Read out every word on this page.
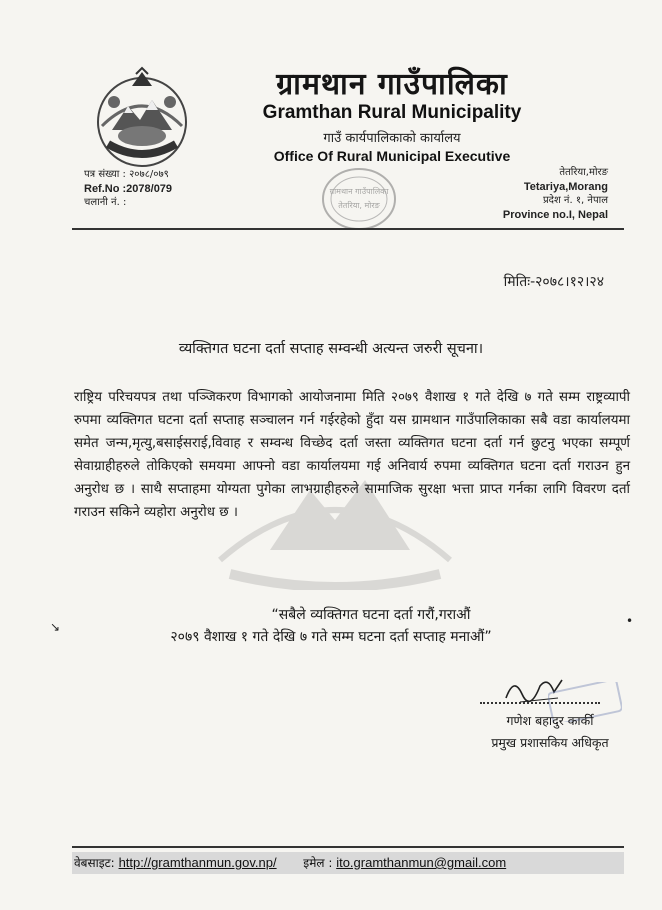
ग्रामथान गाउँपालिका
Gramthan Rural Municipality
गाउँ कार्यपालिकाको कार्यालय
Office Of Rural Municipal Executive
पत्र संख्या : २०७८/०७९
Ref.No :2078/079
चलानी नं. :
ग्रामथान गाउँपालिका
तेतरिया, मोरङ
तेतरिया,मोरङ
Tetariya,Morang
प्रदेश नं. १, नेपाल
Province no.I, Nepal
मितिः-२०७८।१२।२४
व्यक्तिगत घटना दर्ता सप्ताह सम्वन्धी अत्यन्त जरुरी सूचना।
राष्ट्रिय परिचयपत्र तथा पञ्जिकरण विभागको आयोजनामा मिति २०७९ वैशाख १ गते देखि ७ गते सम्म राष्ट्रव्यापी रुपमा व्यक्तिगत घटना दर्ता सप्ताह सञ्चालन गर्न गईरहेको हुँदा यस ग्रामथान गाउँपालिकाका सबै वडा कार्यालयमा समेत जन्म,मृत्यु,बसाईसराई,विवाह र सम्वन्ध विच्छेद दर्ता जस्ता व्यक्तिगत घटना दर्ता गर्न छुटनु भएका सम्पूर्ण सेवाग्राहीहरुले तोकिएको समयमा आफ्नो वडा कार्यालयमा गई अनिवार्य रुपमा व्यक्तिगत घटना दर्ता गराउन हुन अनुरोध छ । साथै सप्ताहमा योग्यता पुगेका लाभग्राहीहरुले सामाजिक सुरक्षा भत्ता प्राप्त गर्नका लागि विवरण दर्ता गराउन सकिने व्यहोरा अनुरोध छ ।
“सबैले व्यक्तिगत घटना दर्ता गरौं,गराऔं
२०७९ वैशाख १ गते देखि ७ गते सम्म घटना दर्ता सप्ताह मनाऔं”
↘	•
गणेश बहादुर कार्की
प्रमुख प्रशासकिय अधिकृत
वेबसाइट: http://gramthanmun.gov.np/ इमेल : ito.gramthanmun@gmail.com
